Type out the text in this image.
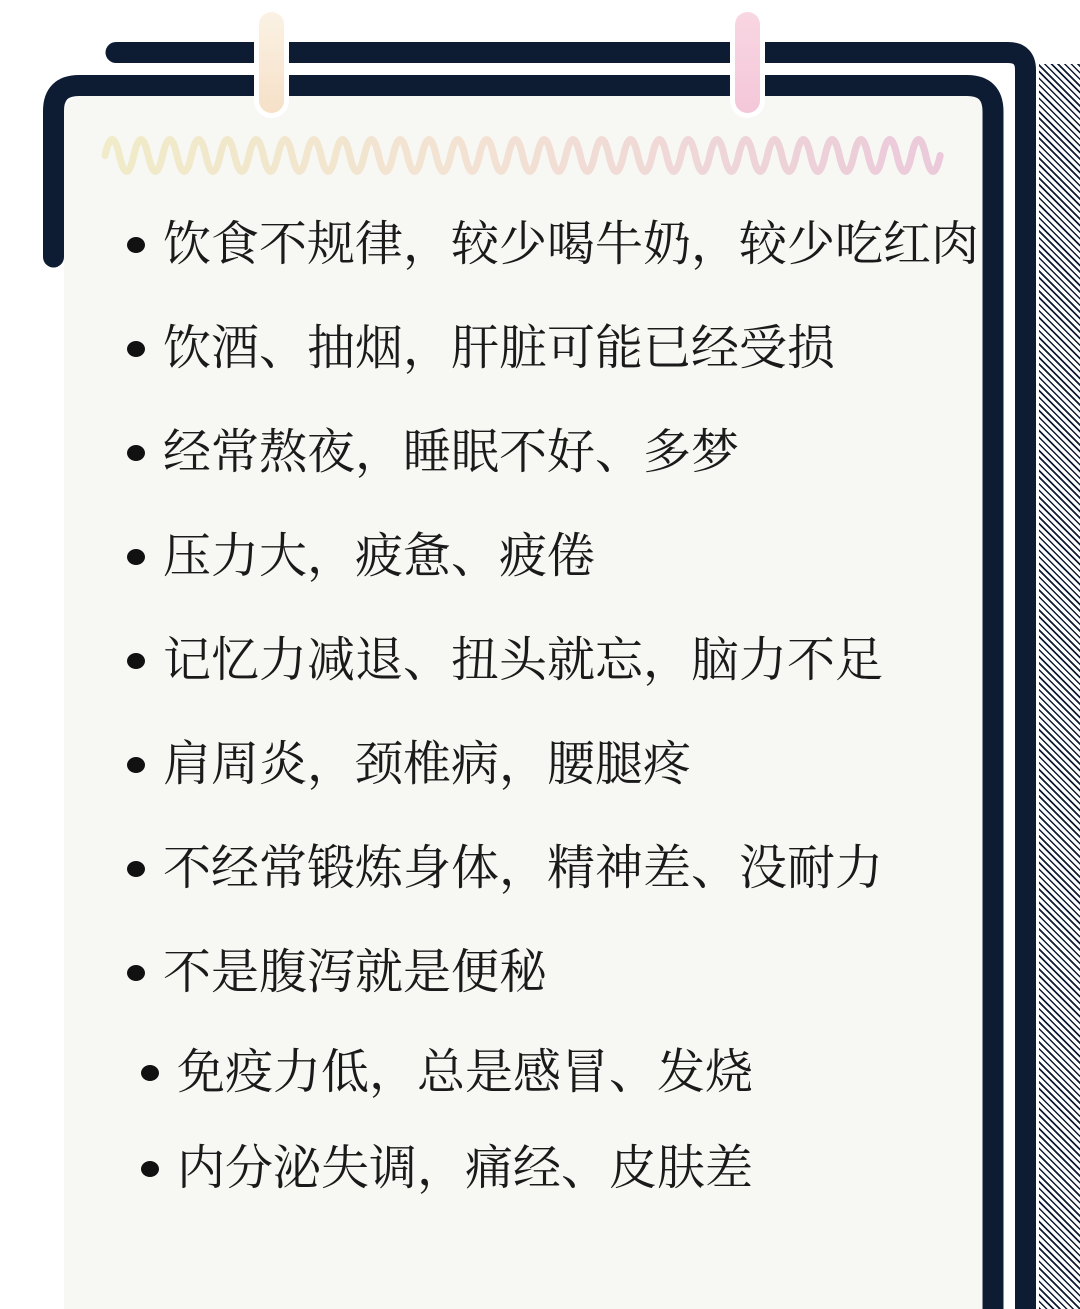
饮食不规律，较少喝牛奶，较少吃红肉
饮酒、抽烟，肝脏可能已经受损
经常熬夜，睡眠不好、多梦
压力大，疲惫、疲倦
记忆力减退、扭头就忘，脑力不足
肩周炎，颈椎病，腰腿疼
不经常锻炼身体，精神差、没耐力
不是腹泻就是便秘
免疫力低，总是感冒、发烧
内分泌失调，痛经、皮肤差
